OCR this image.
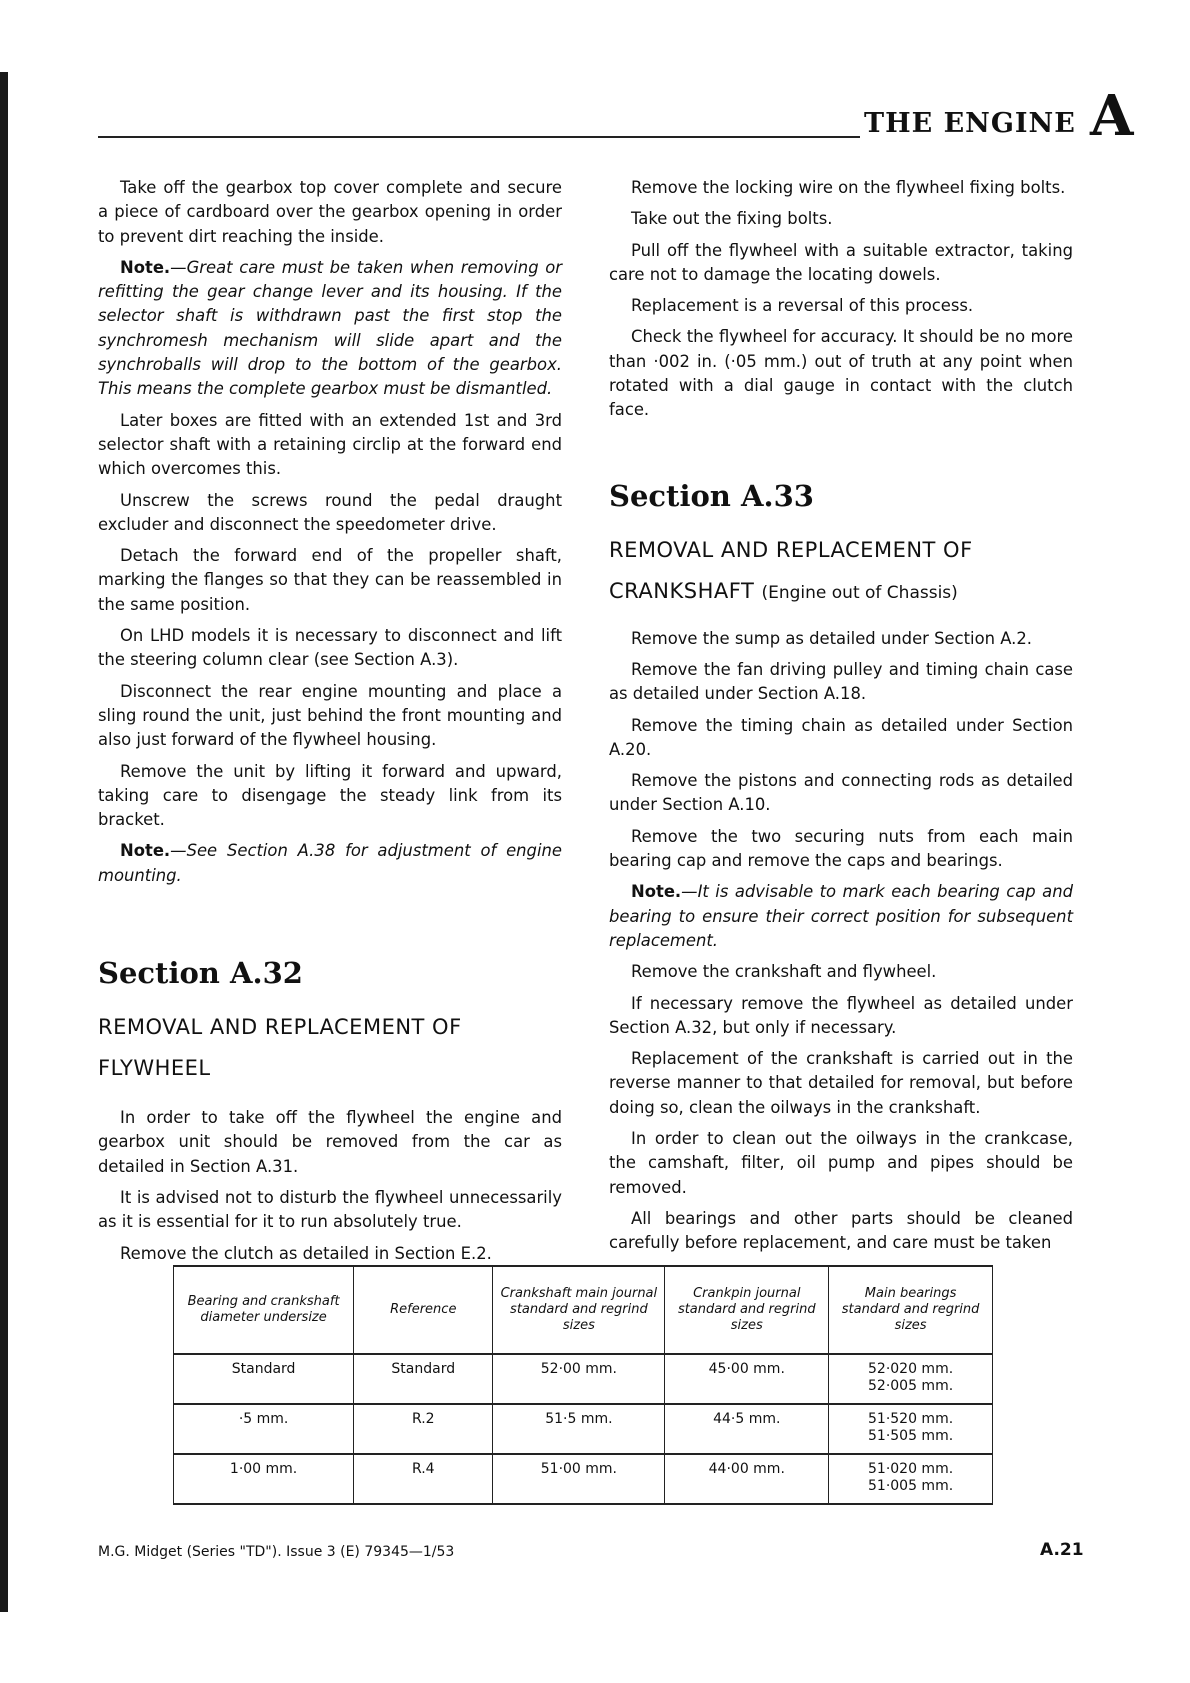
THE ENGINE A

Take off the gearbox top cover complete and secure a piece of cardboard over the gearbox opening in order to prevent dirt reaching the inside.

Note.—Great care must be taken when removing or refitting the gear change lever and its housing. If the selector shaft is withdrawn past the first stop the synchromesh mechanism will slide apart and the synchroballs will drop to the bottom of the gearbox. This means the complete gearbox must be dismantled.

Later boxes are fitted with an extended 1st and 3rd selector shaft with a retaining circlip at the forward end which overcomes this.

Unscrew the screws round the pedal draught excluder and disconnect the speedometer drive.

Detach the forward end of the propeller shaft, marking the flanges so that they can be reassembled in the same position.

On LHD models it is necessary to disconnect and lift the steering column clear (see Section A.3).

Disconnect the rear engine mounting and place a sling round the unit, just behind the front mounting and also just forward of the flywheel housing.

Remove the unit by lifting it forward and upward, taking care to disengage the steady link from its bracket.

Note.—See Section A.38 for adjustment of engine mounting.

Section A.32

REMOVAL AND REPLACEMENT OF

FLYWHEEL

In order to take off the flywheel the engine and gearbox unit should be removed from the car as detailed in Section A.31.

It is advised not to disturb the flywheel unnecessarily as it is essential for it to run absolutely true.

Remove the clutch as detailed in Section E.2.

Remove the locking wire on the flywheel fixing bolts.

Take out the fixing bolts.

Pull off the flywheel with a suitable extractor, taking care not to damage the locating dowels.

Replacement is a reversal of this process.

Check the flywheel for accuracy. It should be no more than ·002 in. (·05 mm.) out of truth at any point when rotated with a dial gauge in contact with the clutch face.

Section A.33

REMOVAL AND REPLACEMENT OF

CRANKSHAFT (Engine out of Chassis)

Remove the sump as detailed under Section A.2.

Remove the fan driving pulley and timing chain case as detailed under Section A.18.

Remove the timing chain as detailed under Section A.20.

Remove the pistons and connecting rods as detailed under Section A.10.

Remove the two securing nuts from each main bearing cap and remove the caps and bearings.

Note.—It is advisable to mark each bearing cap and bearing to ensure their correct position for subsequent replacement.

Remove the crankshaft and flywheel.

If necessary remove the flywheel as detailed under Section A.32, but only if necessary.

Replacement of the crankshaft is carried out in the reverse manner to that detailed for removal, but before doing so, clean the oilways in the crankshaft.

In order to clean out the oilways in the crankcase, the camshaft, filter, oil pump and pipes should be removed.

All bearings and other parts should be cleaned carefully before replacement, and care must be taken

Bearing and crankshaft diameter undersize	Reference	Crankshaft main journal standard and regrind sizes	Crankpin journal standard and regrind sizes	Main bearings standard and regrind sizes
Standard	Standard	52·00 mm.	45·00 mm.	52·020 mm.
52·005 mm.
·5 mm.	R.2	51·5 mm.	44·5 mm.	51·520 mm.
51·505 mm.
1·00 mm.	R.4	51·00 mm.	44·00 mm.	51·020 mm.
51·005 mm.
M.G. Midget (Series "TD"). Issue 3 (E) 79345—1/53	A.21
